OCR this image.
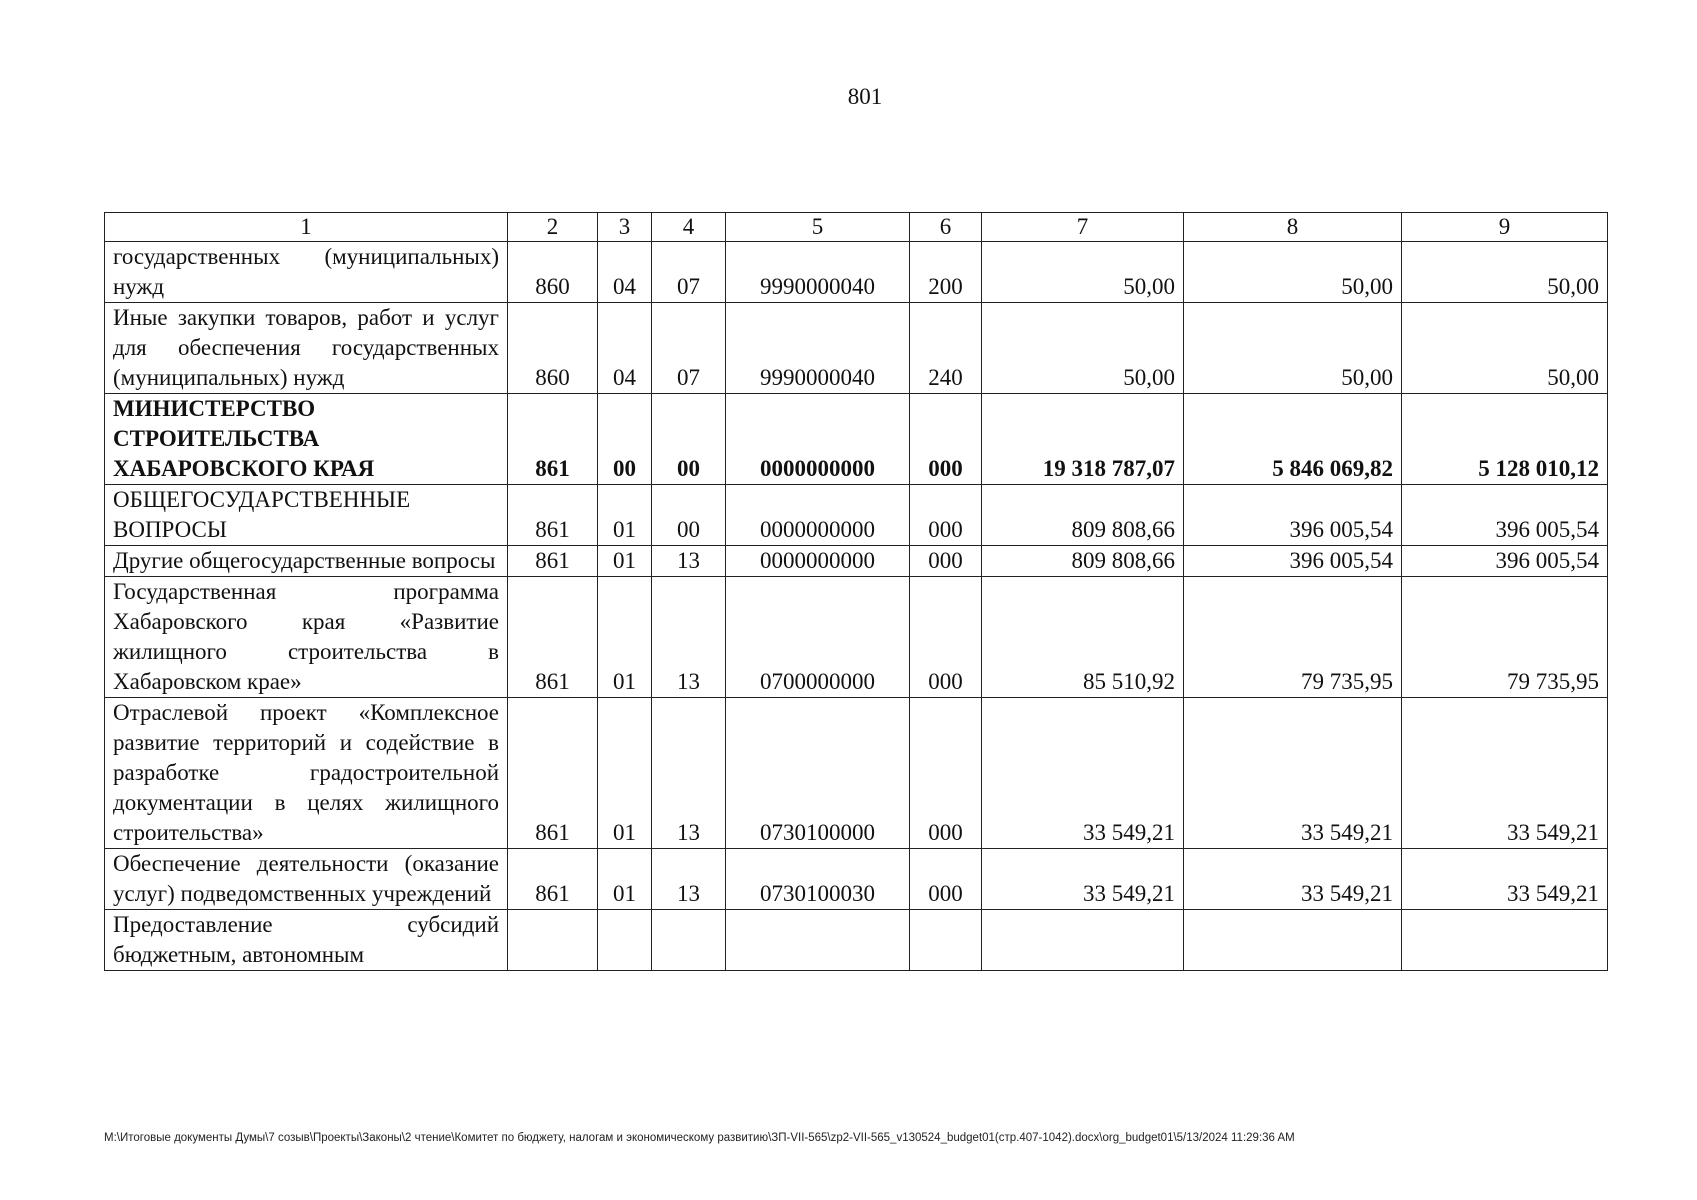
801
1	2	3	4	5	6	7	8	9
государственных (муниципальных) нужд	860	04	07	9990000040	200	50,00	50,00	50,00
Иные закупки товаров, работ и услуг для обеспечения государственных (муниципальных) нужд	860	04	07	9990000040	240	50,00	50,00	50,00
МИНИСТЕРСТВО СТРОИТЕЛЬСТВА ХАБАРОВСКОГО КРАЯ	861	00	00	0000000000	000	19 318 787,07	5 846 069,82	5 128 010,12
ОБЩЕГОСУДАРСТВЕННЫЕ ВОПРОСЫ	861	01	00	0000000000	000	809 808,66	396 005,54	396 005,54
Другие общегосударственные вопросы	861	01	13	0000000000	000	809 808,66	396 005,54	396 005,54
Государственная программа Хабаровского края «Развитие жилищного строительства в Хабаровском крае»	861	01	13	0700000000	000	85 510,92	79 735,95	79 735,95
Отраслевой проект «Комплексное развитие территорий и содействие в разработке градостроительной документации в целях жилищного строительства»	861	01	13	0730100000	000	33 549,21	33 549,21	33 549,21
Обеспечение деятельности (оказание услуг) подведомственных учреждений	861	01	13	0730100030	000	33 549,21	33 549,21	33 549,21
Предоставление субсидий бюджетным, автономным								
M:\Итоговые документы Думы\7 созыв\Проекты\Законы\2 чтение\Комитет по бюджету, налогам и экономическому развитию\ЗП-VII-565\zp2-VII-565_v130524_budget01(стр.407-1042).docx\org_budget01\5/13/2024 11:29:36 AM
